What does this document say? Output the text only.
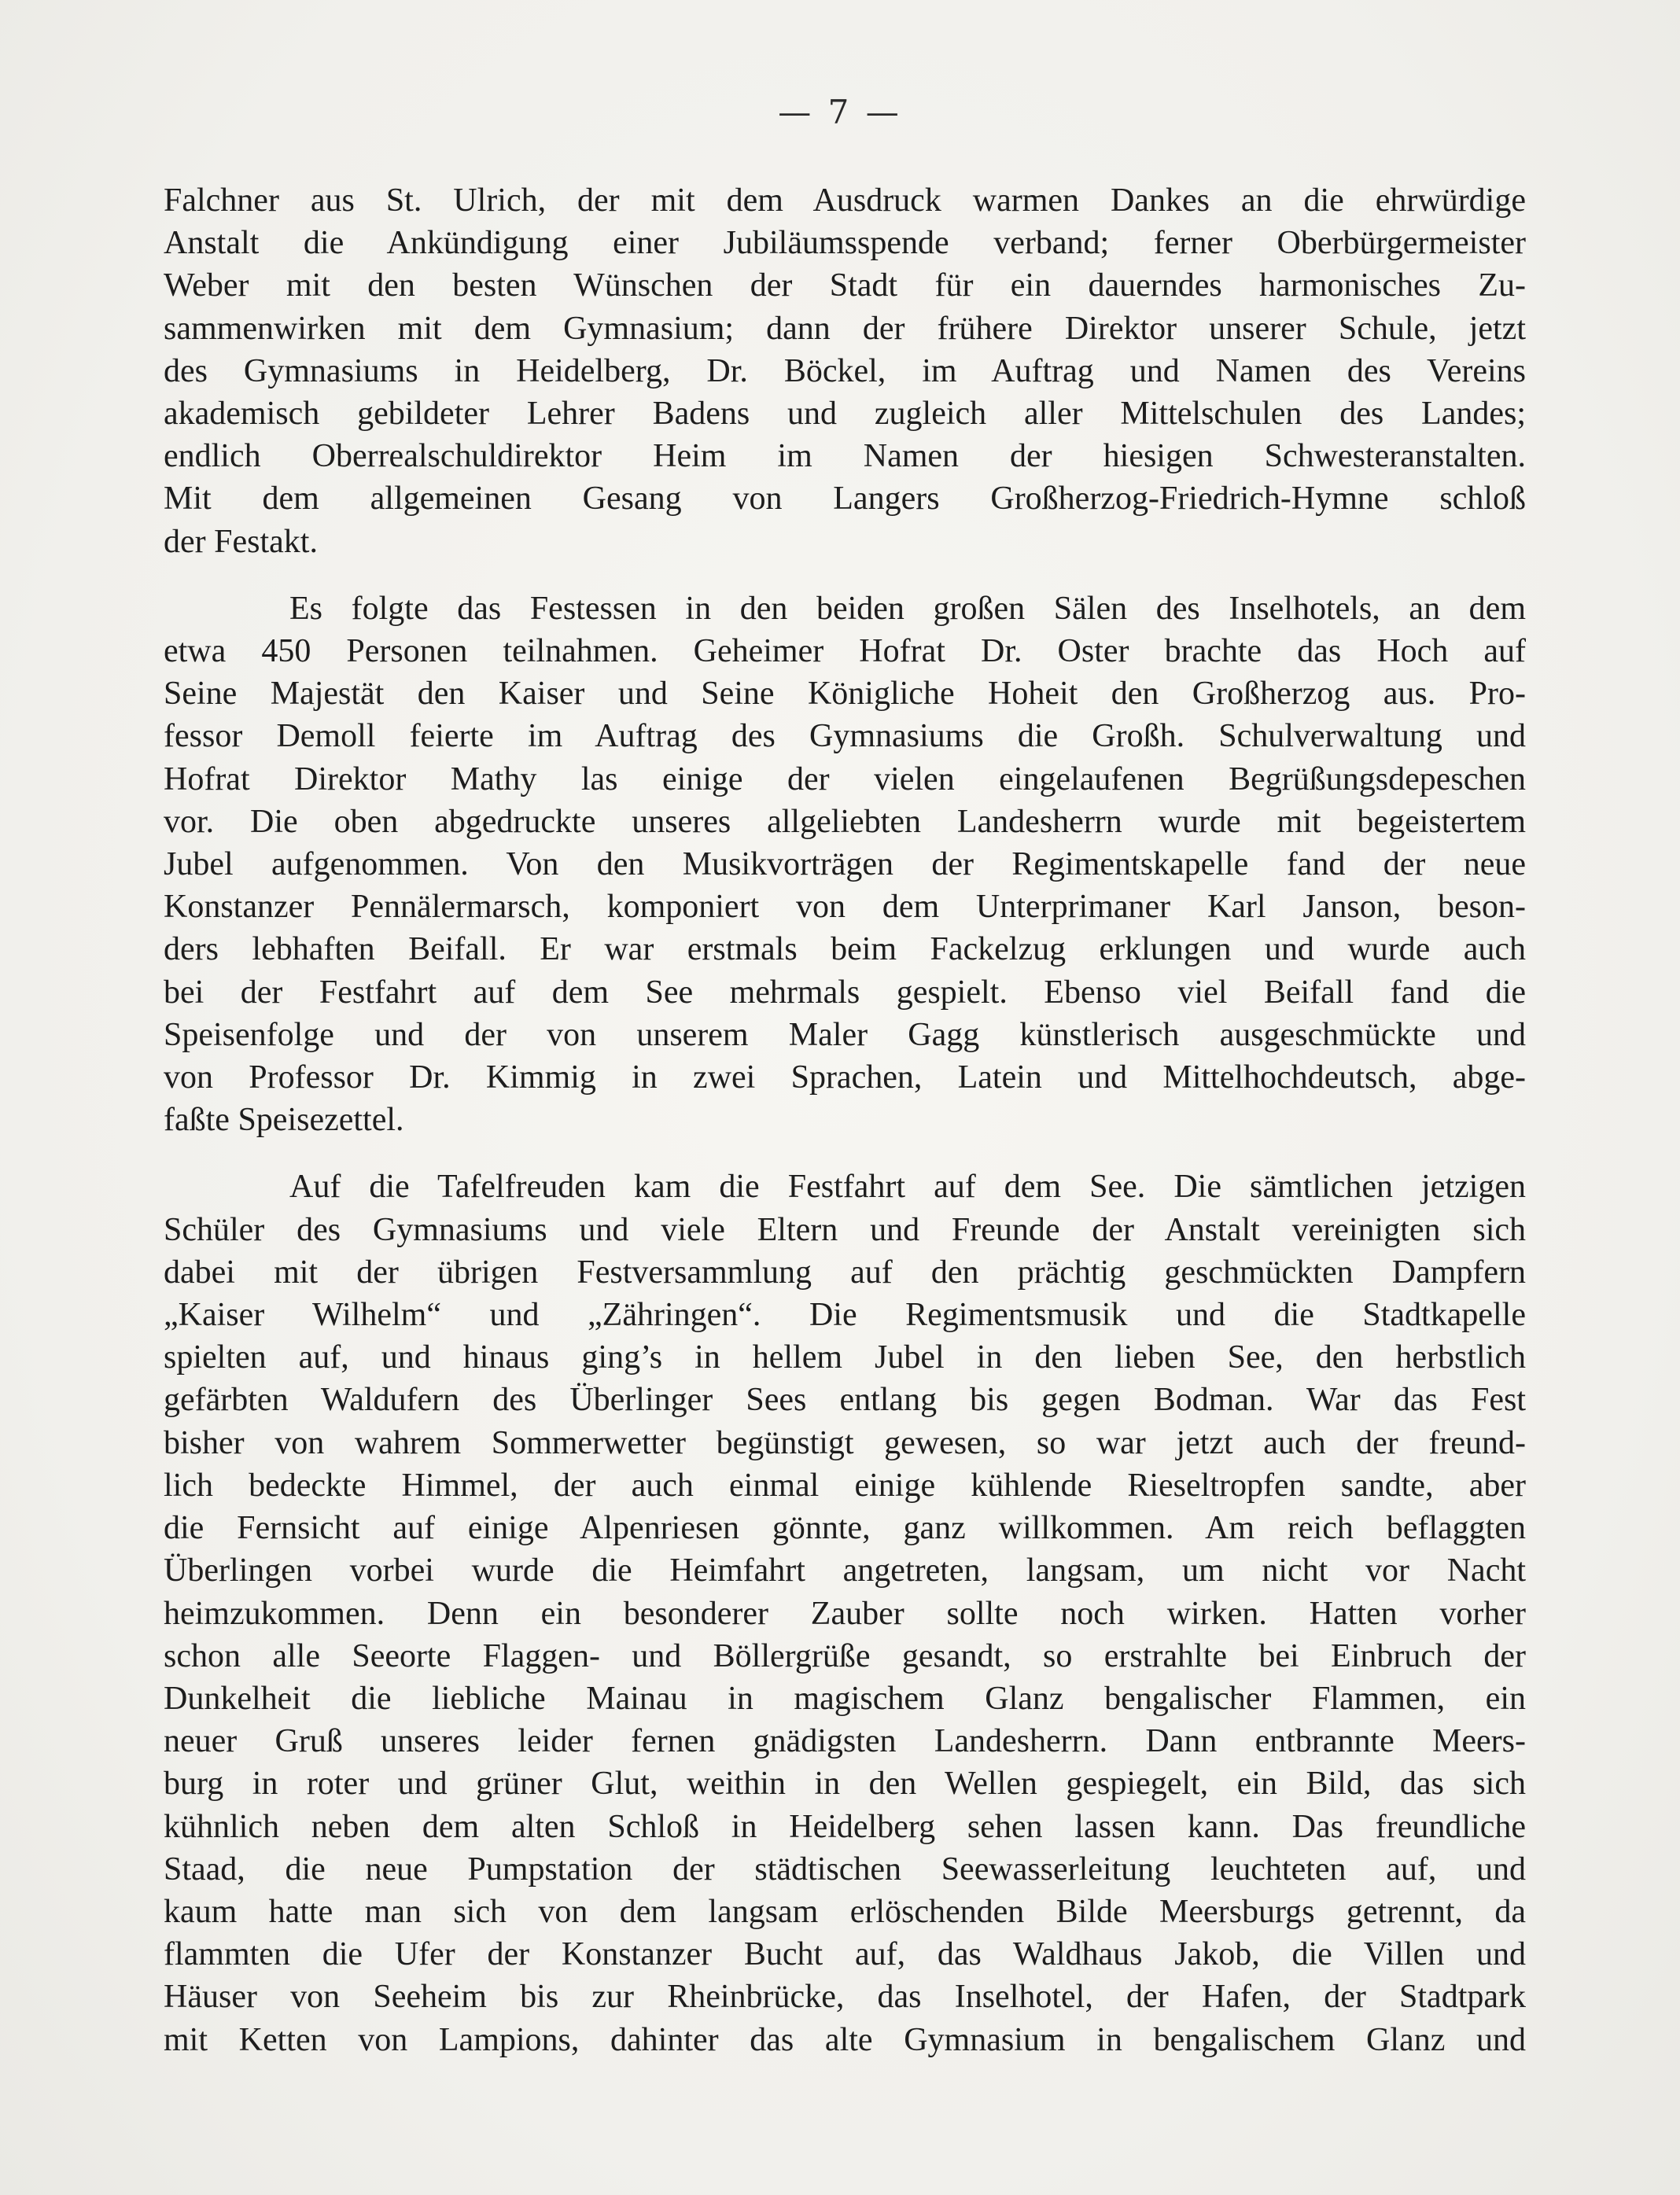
— 7 —
Falchner aus St. Ulrich, der mit dem Ausdruck warmen Dankes an die ehrwürdige
Anstalt die Ankündigung einer Jubiläumsspende verband; ferner Oberbürgermeister
Weber mit den besten Wünschen der Stadt für ein dauerndes harmonisches Zu-
sammenwirken mit dem Gymnasium; dann der frühere Direktor unserer Schule, jetzt
des Gymnasiums in Heidelberg, Dr. Böckel, im Auftrag und Namen des Vereins
akademisch gebildeter Lehrer Badens und zugleich aller Mittelschulen des Landes;
endlich Oberrealschuldirektor Heim im Namen der hiesigen Schwesteranstalten.
Mit dem allgemeinen Gesang von Langers Großherzog-Friedrich-Hymne schloß
der Festakt.
Es folgte das Festessen in den beiden großen Sälen des Inselhotels, an dem
etwa 450 Personen teilnahmen. Geheimer Hofrat Dr. Oster brachte das Hoch auf
Seine Majestät den Kaiser und Seine Königliche Hoheit den Großherzog aus. Pro-
fessor Demoll feierte im Auftrag des Gymnasiums die Großh. Schulverwaltung und
Hofrat Direktor Mathy las einige der vielen eingelaufenen Begrüßungsdepeschen
vor. Die oben abgedruckte unseres allgeliebten Landesherrn wurde mit begeistertem
Jubel aufgenommen. Von den Musikvorträgen der Regimentskapelle fand der neue
Konstanzer Pennälermarsch, komponiert von dem Unterprimaner Karl Janson, beson-
ders lebhaften Beifall. Er war erstmals beim Fackelzug erklungen und wurde auch
bei der Festfahrt auf dem See mehrmals gespielt. Ebenso viel Beifall fand die
Speisenfolge und der von unserem Maler Gagg künstlerisch ausgeschmückte und
von Professor Dr. Kimmig in zwei Sprachen, Latein und Mittelhochdeutsch, abge-
faßte Speisezettel.
Auf die Tafelfreuden kam die Festfahrt auf dem See. Die sämtlichen jetzigen
Schüler des Gymnasiums und viele Eltern und Freunde der Anstalt vereinigten sich
dabei mit der übrigen Festversammlung auf den prächtig geschmückten Dampfern
„Kaiser Wilhelm“ und „Zähringen“. Die Regimentsmusik und die Stadtkapelle
spielten auf, und hinaus ging’s in hellem Jubel in den lieben See, den herbstlich
gefärbten Waldufern des Überlinger Sees entlang bis gegen Bodman. War das Fest
bisher von wahrem Sommerwetter begünstigt gewesen, so war jetzt auch der freund-
lich bedeckte Himmel, der auch einmal einige kühlende Rieseltropfen sandte, aber
die Fernsicht auf einige Alpenriesen gönnte, ganz willkommen. Am reich beflaggten
Überlingen vorbei wurde die Heimfahrt angetreten, langsam, um nicht vor Nacht
heimzukommen. Denn ein besonderer Zauber sollte noch wirken. Hatten vorher
schon alle Seeorte Flaggen- und Böllergrüße gesandt, so erstrahlte bei Einbruch der
Dunkelheit die liebliche Mainau in magischem Glanz bengalischer Flammen, ein
neuer Gruß unseres leider fernen gnädigsten Landesherrn. Dann entbrannte Meers-
burg in roter und grüner Glut, weithin in den Wellen gespiegelt, ein Bild, das sich
kühnlich neben dem alten Schloß in Heidelberg sehen lassen kann. Das freundliche
Staad, die neue Pumpstation der städtischen Seewasserleitung leuchteten auf, und
kaum hatte man sich von dem langsam erlöschenden Bilde Meersburgs getrennt, da
flammten die Ufer der Konstanzer Bucht auf, das Waldhaus Jakob, die Villen und
Häuser von Seeheim bis zur Rheinbrücke, das Inselhotel, der Hafen, der Stadtpark
mit Ketten von Lampions, dahinter das alte Gymnasium in bengalischem Glanz und
